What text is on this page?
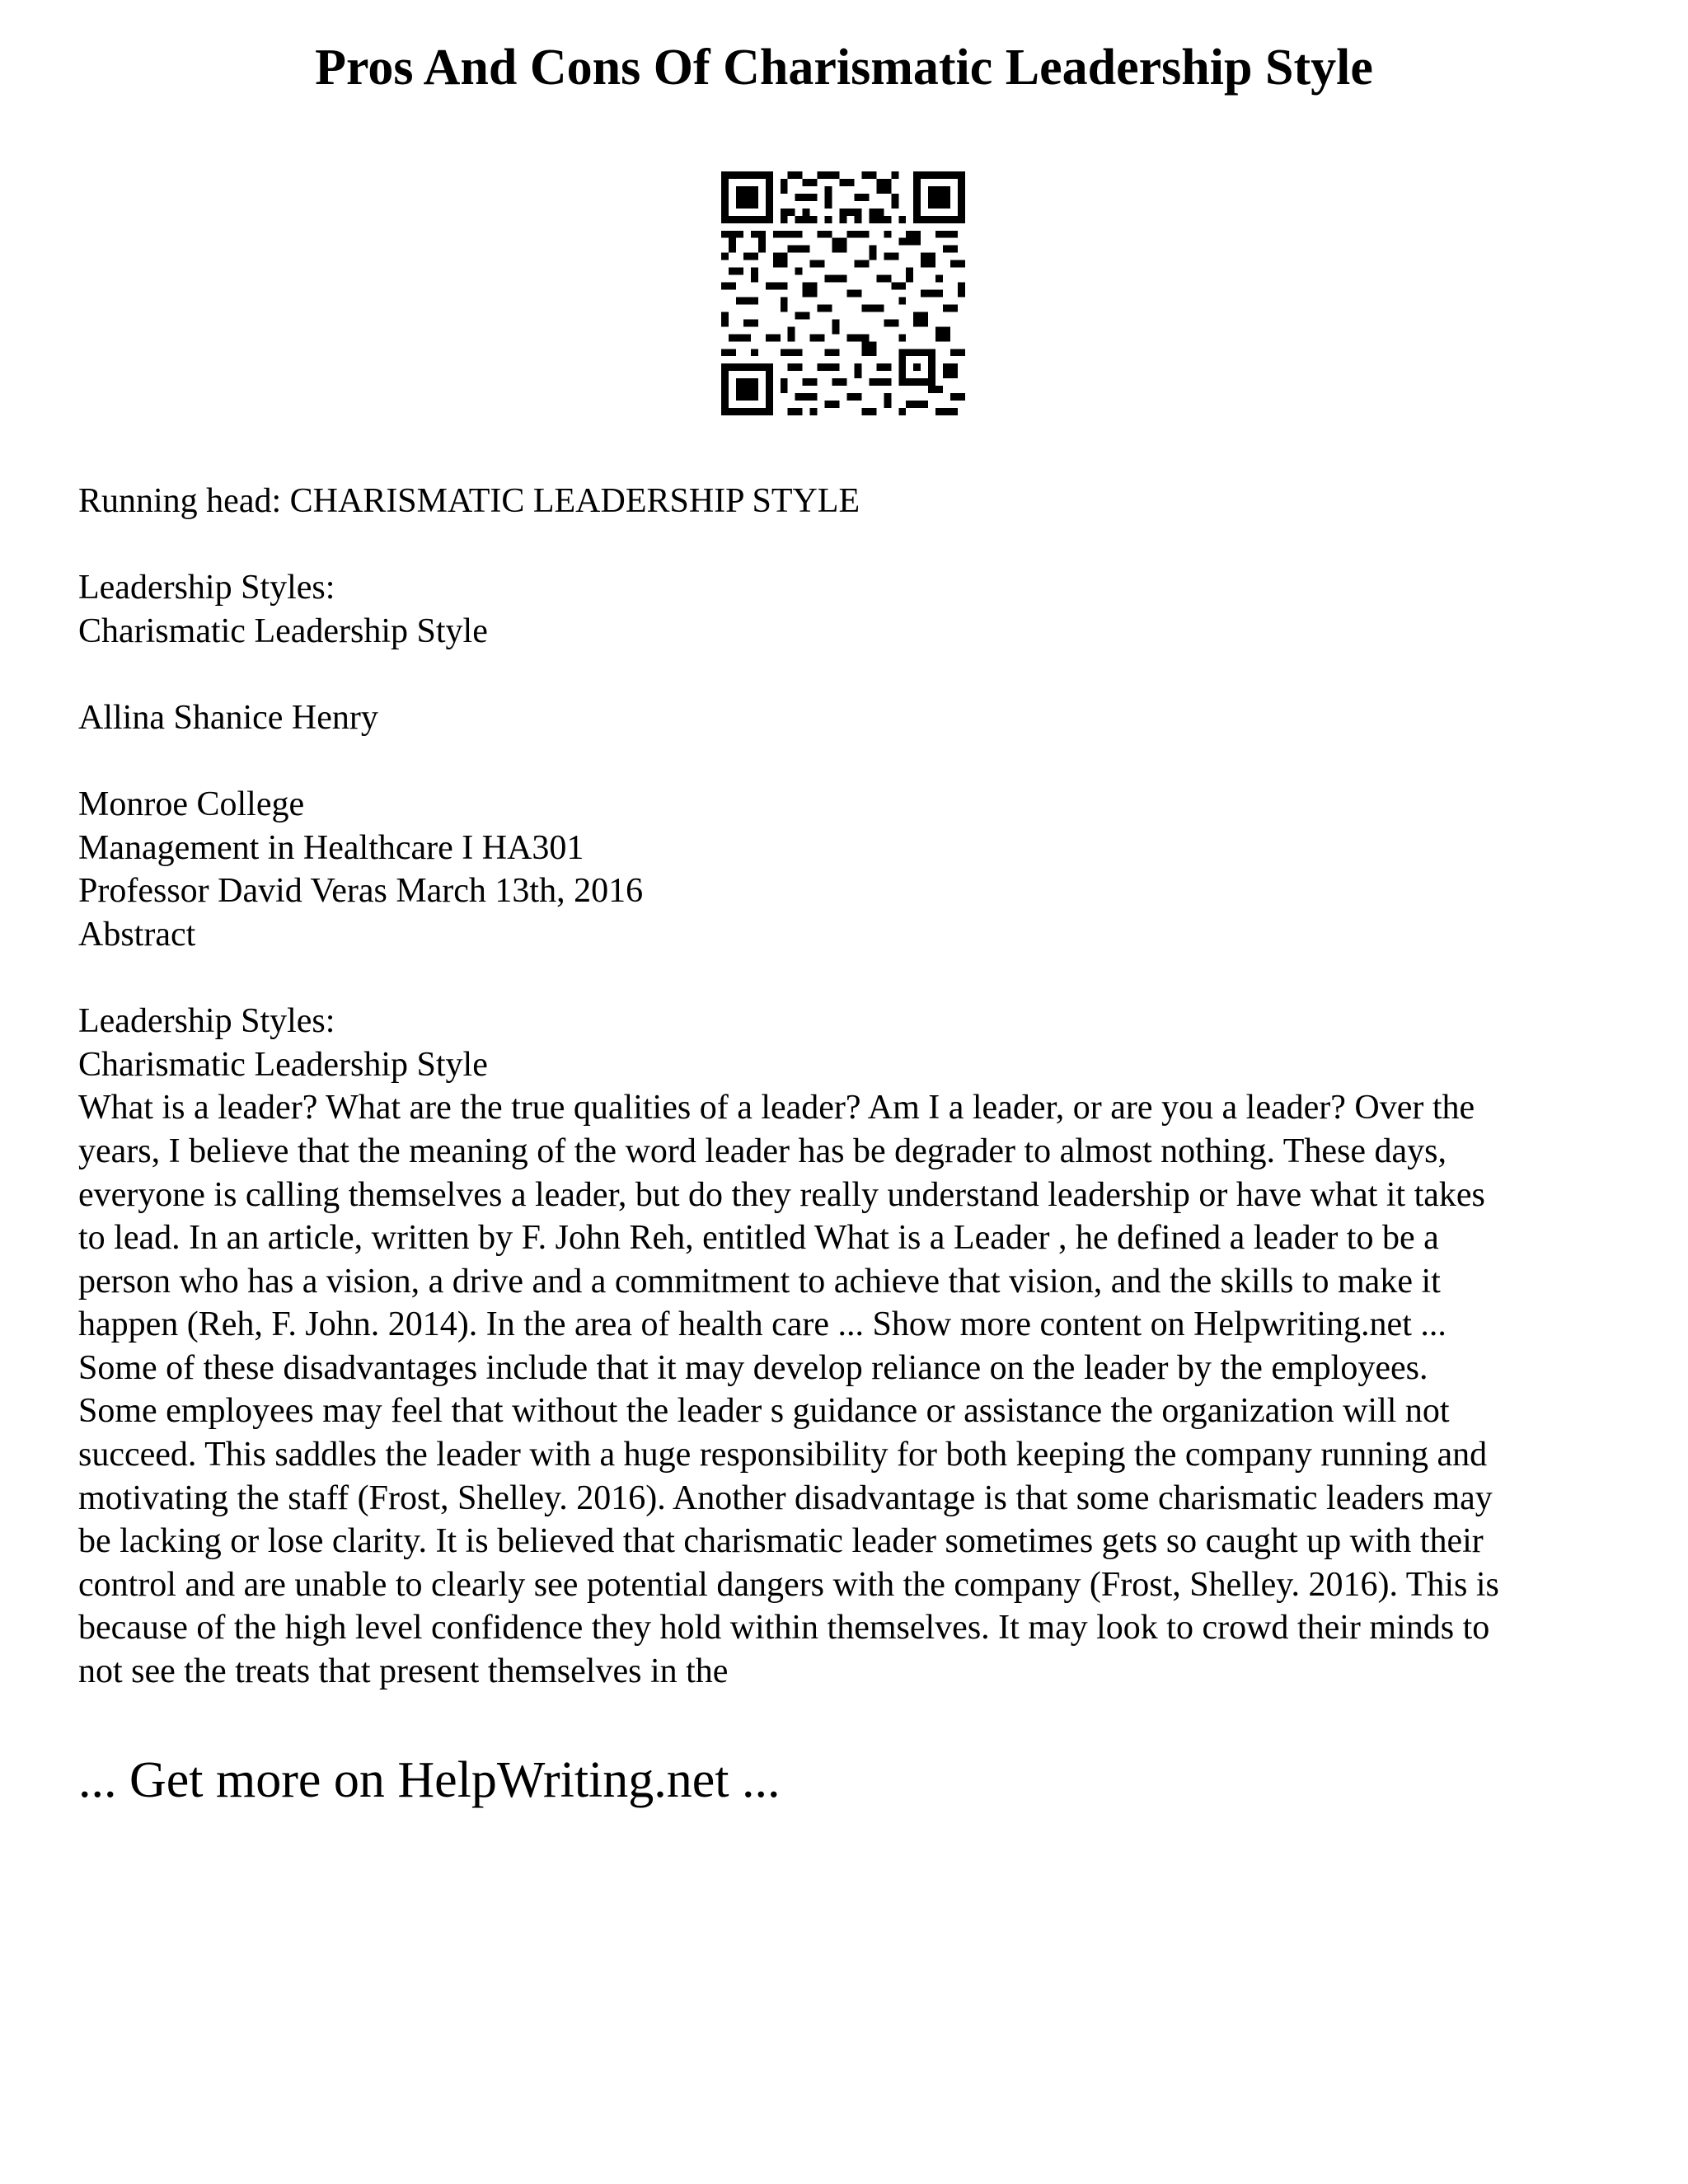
Pros And Cons Of Charismatic Leadership Style
Running head: CHARISMATIC LEADERSHIP STYLE
Leadership Styles:
Charismatic Leadership Style
Allina Shanice Henry
Monroe College
Management in Healthcare I HA301
Professor David Veras March 13th, 2016
Abstract
Leadership Styles:
Charismatic Leadership Style
What is a leader? What are the true qualities of a leader? Am I a leader, or are you a leader? Over the
years, I believe that the meaning of the word leader has be degrader to almost nothing. These days,
everyone is calling themselves a leader, but do they really understand leadership or have what it takes
to lead. In an article, written by F. John Reh, entitled What is a Leader , he defined a leader to be a
person who has a vision, a drive and a commitment to achieve that vision, and the skills to make it
happen (Reh, F. John. 2014). In the area of health care ... Show more content on Helpwriting.net ...
Some of these disadvantages include that it may develop reliance on the leader by the employees.
Some employees may feel that without the leader s guidance or assistance the organization will not
succeed. This saddles the leader with a huge responsibility for both keeping the company running and
motivating the staff (Frost, Shelley. 2016). Another disadvantage is that some charismatic leaders may
be lacking or lose clarity. It is believed that charismatic leader sometimes gets so caught up with their
control and are unable to clearly see potential dangers with the company (Frost, Shelley. 2016). This is
because of the high level confidence they hold within themselves. It may look to crowd their minds to
not see the treats that present themselves in the

... Get more on HelpWriting.net ...
